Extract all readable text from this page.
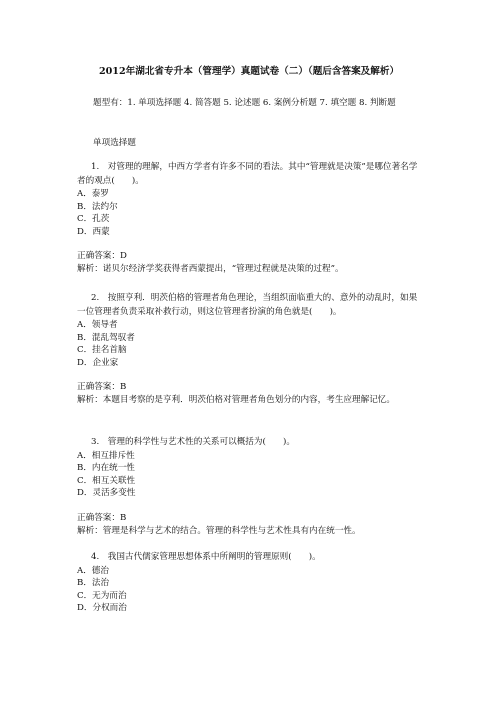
2012年湖北省专升本（管理学）真题试卷（二）（题后含答案及解析）
题型有：1. 单项选择题 4. 简答题 5. 论述题 6. 案例分析题 7. 填空题 8. 判断题
单项选择题

1.　对管理的理解，中西方学者有许多不同的看法。其中“管理就是决策”是哪位著名学者的观点(　　)。

A．泰罗

B．法约尔

C．孔茨

D．西蒙

正确答案：D

解析：诺贝尔经济学奖获得者西蒙提出，“管理过程就是决策的过程”。

2.　按照亨利．明茨伯格的管理者角色理论，当组织面临重大的、意外的动乱时，如果一位管理者负责采取补救行动，则这位管理者扮演的角色就是(　　)。

A．领导者

B．混乱驾驭者

C．挂名首脑

D．企业家

正确答案：B

解析：本题目考察的是亨利．明茨伯格对管理者角色划分的内容，考生应理解记忆。

3.　管理的科学性与艺术性的关系可以概括为(　　)。

A．相互排斥性

B．内在统一性

C．相互关联性

D．灵活多变性

正确答案：B

解析：管理是科学与艺术的结合。管理的科学性与艺术性具有内在统一性。

4.　我国古代儒家管理思想体系中所阐明的管理原则(　　)。

A．德治

B．法治

C．无为而治

D．分权而治
